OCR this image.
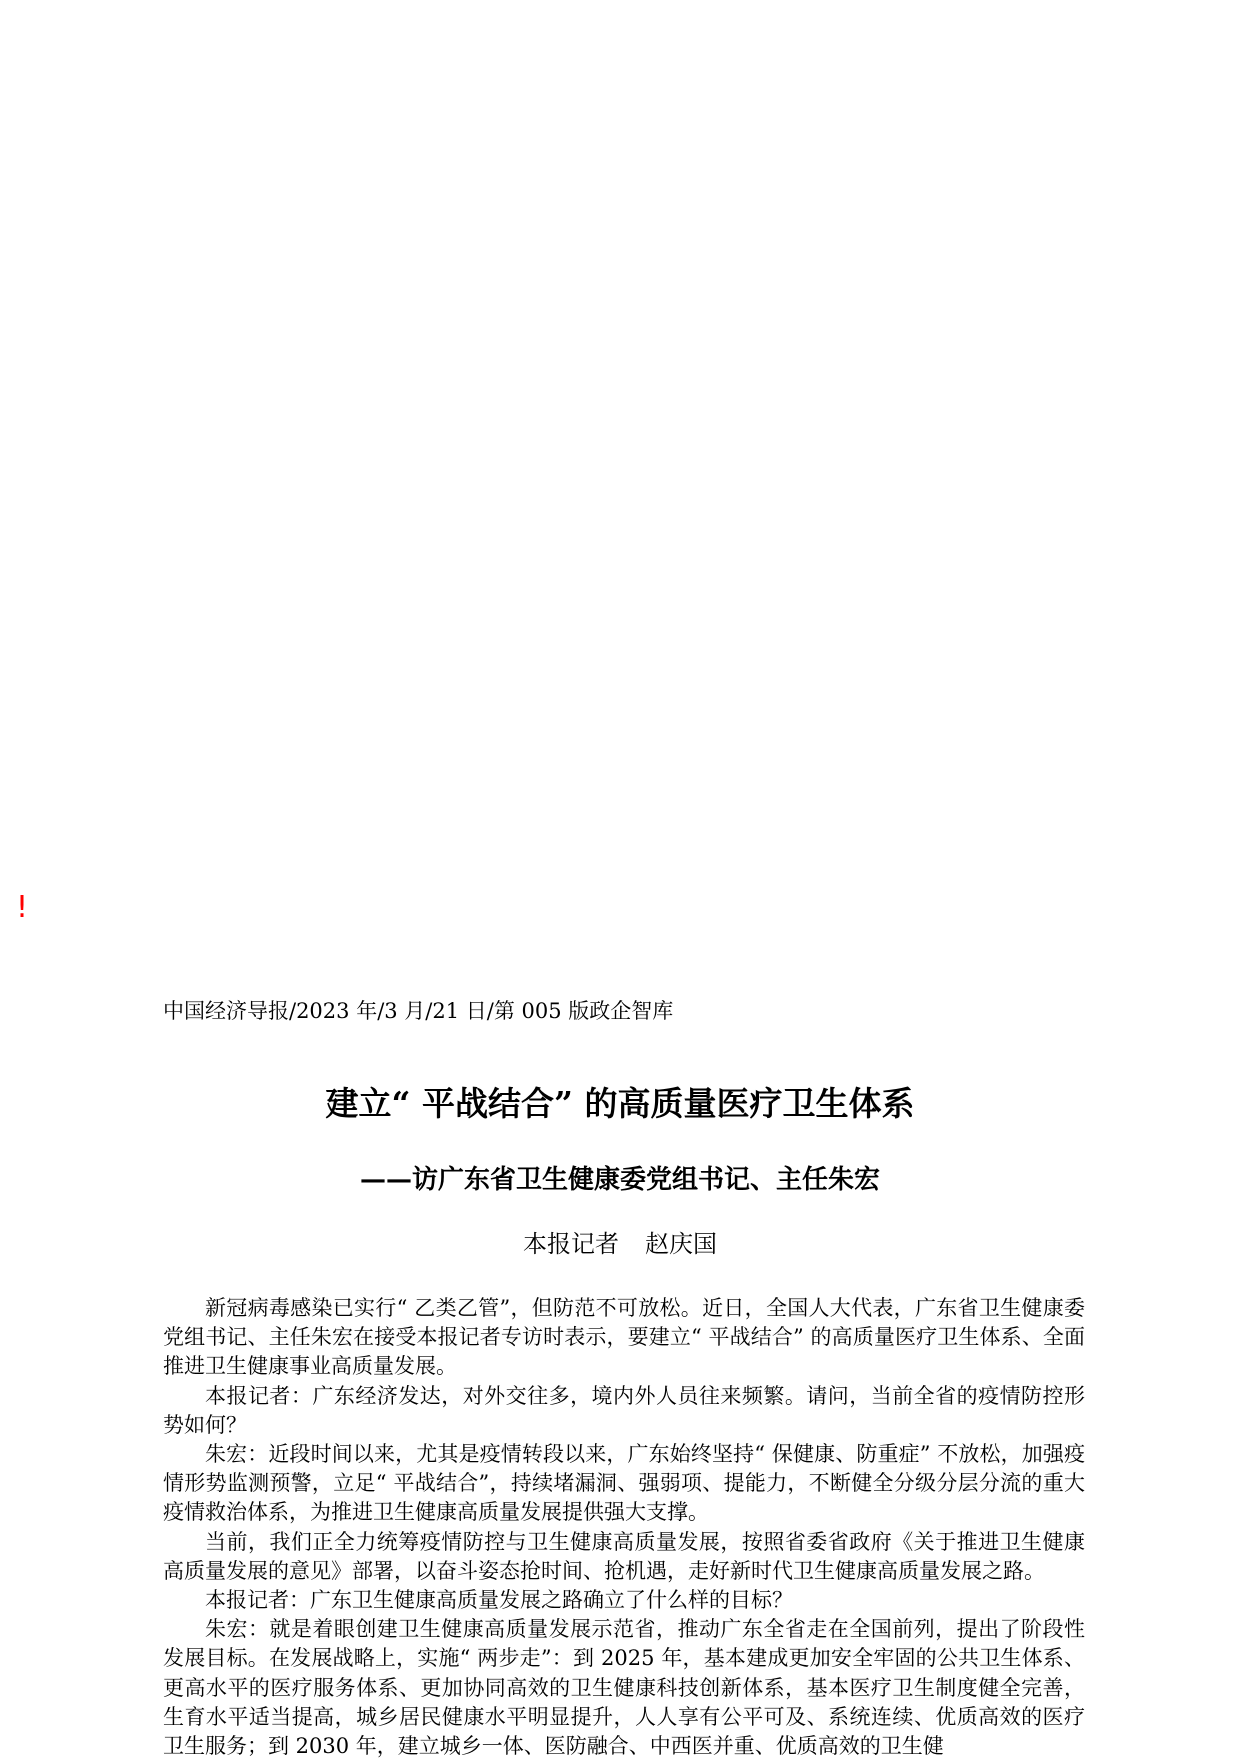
!
中国经济导报/2023 年/3 月/21 日/第 005 版政企智库
建立“ 平战结合” 的高质量医疗卫生体系
——访广东省卫生健康委党组书记、主任朱宏
本报记者 赵庆国

新冠病毒感染已实行“ 乙类乙管”，但防范不可放松。近日，全国人大代表，广东省卫生健康委党组书记、主任朱宏在接受本报记者专访时表示，要建立“ 平战结合” 的高质量医疗卫生体系、全面推进卫生健康事业高质量发展。

本报记者：广东经济发达，对外交往多，境内外人员往来频繁。请问，当前全省的疫情防控形势如何？

朱宏：近段时间以来，尤其是疫情转段以来，广东始终坚持“ 保健康、防重症” 不放松，加强疫情形势监测预警，立足“ 平战结合”，持续堵漏洞、强弱项、提能力，不断健全分级分层分流的重大疫情救治体系，为推进卫生健康高质量发展提供强大支撑。

当前，我们正全力统筹疫情防控与卫生健康高质量发展，按照省委省政府《关于推进卫生健康高质量发展的意见》部署，以奋斗姿态抢时间、抢机遇，走好新时代卫生健康高质量发展之路。

本报记者：广东卫生健康高质量发展之路确立了什么样的目标？

朱宏：就是着眼创建卫生健康高质量发展示范省，推动广东全省走在全国前列，提出了阶段性发展目标。在发展战略上，实施“ 两步走”：到 2025 年，基本建成更加安全牢固的公共卫生体系、更高水平的医疗服务体系、更加协同高效的卫生健康科技创新体系，基本医疗卫生制度健全完善，生育水平适当提高，城乡居民健康水平明显提升，人人享有公平可及、系统连续、优质高效的医疗卫生服务；到 2030 年，建立城乡一体、医防融合、中西医并重、优质高效的卫生健
